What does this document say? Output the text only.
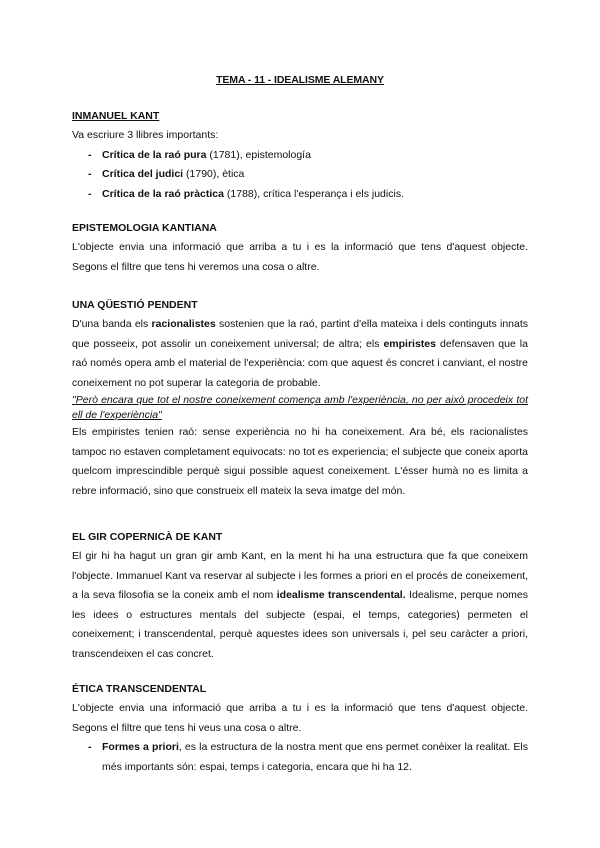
TEMA - 11 - IDEALISME ALEMANY
INMANUEL KANT

Va escriure 3 llibres importants:

- Crítica de la raó pura (1781), epistemología
- Crítica del judici (1790), ètica
- Crítica de la raó pràctica (1788), crítica l'esperança i els judicis.
EPISTEMOLOGIA KANTIANA

L'objecte envia una informació que arriba a tu i es la informació que tens d'aquest objecte. Segons el filtre que tens hi veremos una cosa o altre.

UNA QÜESTIÓ PENDENT

D'una banda els racionalistes sostenien que la raó, partint d'ella mateixa i dels continguts innats que posseeix, pot assolir un coneixement universal; de altra; els empiristes defensaven que la raó només opera amb el material de l'experiència: com que aquest és concret i canviant, el nostre coneixement no pot superar la categoria de probable.

"Però encara que tot el nostre coneixement comença amb l'experiència, no per això procedeix tot ell de l'experiència"

Els empiristes tenien raó: sense experiència no hi ha coneixement. Ara bé, els racionalistes tampoc no estaven completament equivocats: no tot es experiencia; el subjecte que coneix aporta quelcom imprescindible perquè sigui possible aquest coneixement. L'ésser humà no es limita a rebre informació, sino que construeix ell mateix la seva imatge del món.

EL GIR COPERNICÀ DE KANT

El gir hi ha hagut un gran gir amb Kant, en la ment hi ha una estructura que fa que coneixem l'objecte. Immanuel Kant va reservar al subjecte i les formes a priori en el procés de coneixement, a la seva filosofia se la coneix amb el nom idealisme transcendental. Idealisme, perque nomes les idees o estructures mentals del subjecte (espai, el temps, categories) permeten el coneixement; i transcendental, perquè aquestes idees son universals i, pel seu caràcter a priori, transcendeixen el cas concret.

ÉTICA TRANSCENDENTAL

L'objecte envia una informació que arriba a tu i es la informació que tens d'aquest objecte. Segons el filtre que tens hi veus una cosa o altre.

- Formes a priori, es la estructura de la nostra ment que ens permet conèixer la realitat. Els més importants són: espai, temps i categoria, encara que hi ha 12.
